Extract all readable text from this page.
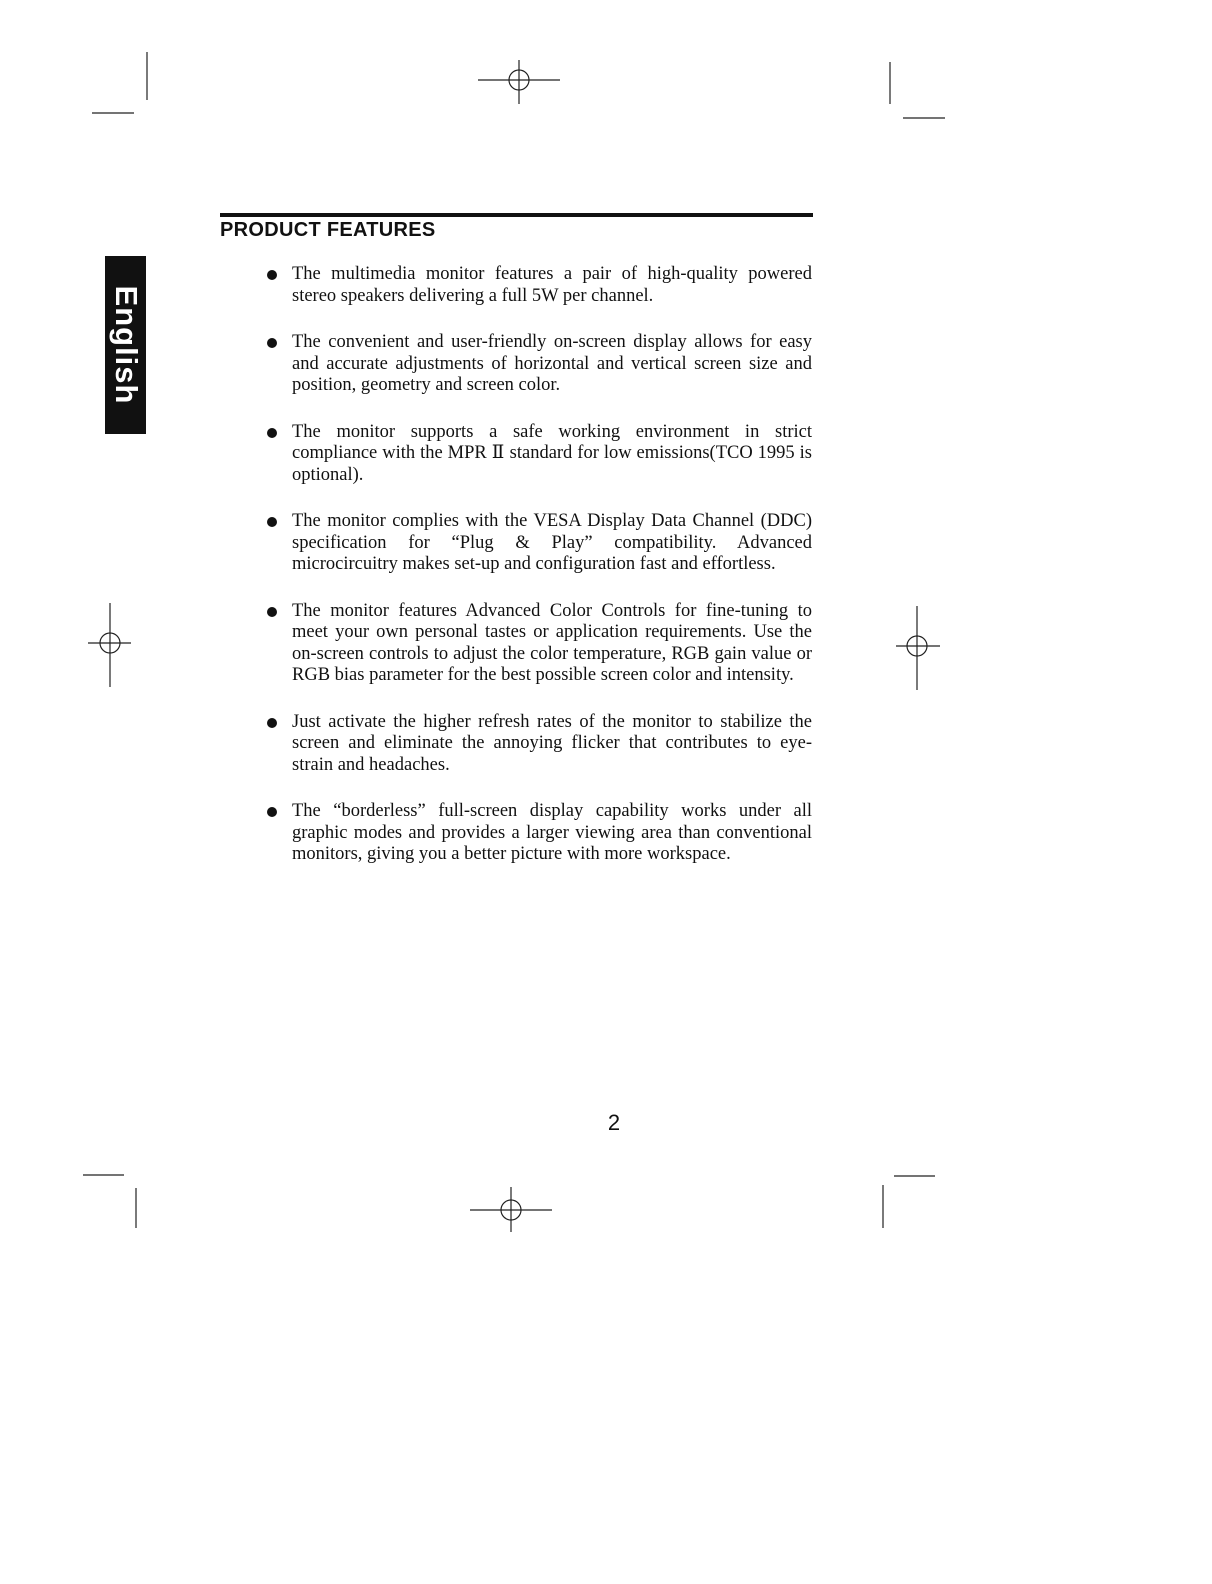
English
PRODUCT FEATURES
The multimedia monitor features a pair of high-quality powered stereo speakers delivering a full 5W per channel.
The convenient and user-friendly on-screen display allows for easy and accurate adjustments of horizontal and vertical screen size and position, geometry and screen color.
The monitor supports a safe working environment in strict compliance with the MPR Ⅱ standard for low emissions(TCO 1995 is optional).
The monitor complies with the VESA Display Data Channel (DDC) specification for “Plug & Play” compatibility. Advanced microcircuitry makes set-up and configuration fast and effortless.
The monitor features Advanced Color Controls for fine-tuning to meet your own personal tastes or application requirements. Use the on-screen controls to adjust the color temperature, RGB gain value or RGB bias parameter for the best possible screen color and intensity.
Just activate the higher refresh rates of the monitor to stabilize the screen and eliminate the annoying flicker that contributes to eye-strain and headaches.
The “borderless” full-screen display capability works under all graphic modes and provides a larger viewing area than conventional monitors, giving you a better picture with more workspace.
2
